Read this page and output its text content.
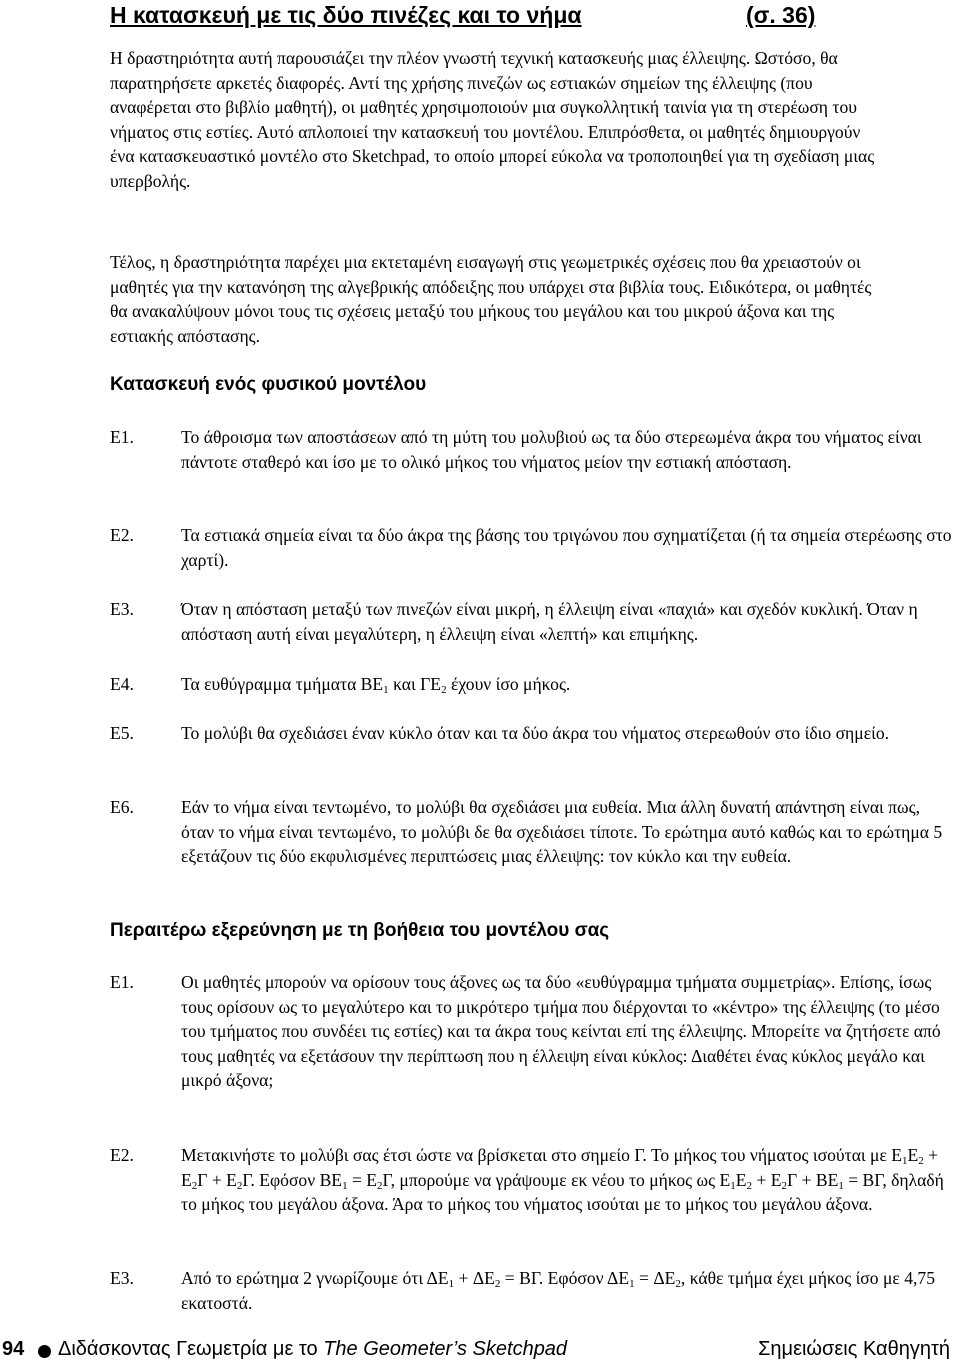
Η κατασκευή με τις δύο πινέζες και το νήμα	(σ. 36)

Η δραστηριότητα αυτή παρουσιάζει την πλέον γνωστή τεχνική κατασκευής μιας έλλειψης. Ωστόσο, θα παρατηρήσετε αρκετές διαφορές. Αντί της χρήσης πινεζών ως εστιακών σημείων της έλλειψης (που αναφέρεται στο βιβλίο μαθητή), οι μαθητές χρησιμοποιούν μια συγκολλητική ταινία για τη στερέωση του νήματος στις εστίες. Αυτό απλοποιεί την κατασκευή του μοντέλου. Επιπρόσθετα, οι μαθητές δημιουργούν ένα κατασκευαστικό μοντέλο στο Sketchpad, το οποίο μπορεί εύκολα να τροποποιηθεί για τη σχεδίαση μιας υπερβολής.

Τέλος, η δραστηριότητα παρέχει μια εκτεταμένη εισαγωγή στις γεωμετρικές σχέσεις που θα χρειαστούν οι μαθητές για την κατανόηση της αλγεβρικής απόδειξης που υπάρχει στα βιβλία τους. Ειδικότερα, οι μαθητές θα ανακαλύψουν μόνοι τους τις σχέσεις μεταξύ του μήκους του μεγάλου και του μικρού άξονα και της εστιακής απόστασης.

Κατασκευή ενός φυσικού μοντέλου
E1.	Το άθροισμα των αποστάσεων από τη μύτη του μολυβιού ως τα δύο στερεωμένα άκρα του νήματος είναι πάντοτε σταθερό και ίσο με το ολικό μήκος του νήματος μείον την εστιακή απόσταση.
E2.	Τα εστιακά σημεία είναι τα δύο άκρα της βάσης του τριγώνου που σχηματίζεται (ή τα σημεία στερέωσης στο χαρτί).
E3.	Όταν η απόσταση μεταξύ των πινεζών είναι μικρή, η έλλειψη είναι «παχιά» και σχεδόν κυκλική. Όταν η απόσταση αυτή είναι μεγαλύτερη, η έλλειψη είναι «λεπτή» και επιμήκης.
E4.	Τα ευθύγραμμα τμήματα $BE_1$ και $\Gamma E_2$ έχουν ίσο μήκος.
E5.	Το μολύβι θα σχεδιάσει έναν κύκλο όταν και τα δύο άκρα του νήματος στερεωθούν στο ίδιο σημείο.
E6.	Εάν το νήμα είναι τεντωμένο, το μολύβι θα σχεδιάσει μια ευθεία. Μια άλλη δυνατή απάντηση είναι πως, όταν το νήμα είναι τεντωμένο, το μολύβι δε θα σχεδιάσει τίποτε. Το ερώτημα αυτό καθώς και το ερώτημα 5 εξετάζουν τις δύο εκφυλισμένες περιπτώσεις μιας έλλειψης: τον κύκλο και την ευθεία.
Περαιτέρω εξερεύνηση με τη βοήθεια του μοντέλου σας
E1.	Οι μαθητές μπορούν να ορίσουν τους άξονες ως τα δύο «ευθύγραμμα τμήματα συμμετρίας». Επίσης, ίσως τους ορίσουν ως το μεγαλύτερο και το μικρότερο τμήμα που διέρχονται το «κέντρο» της έλλειψης (το μέσο του τμήματος που συνδέει τις εστίες) και τα άκρα τους κείνται επί της έλλειψης. Μπορείτε να ζητήσετε από τους μαθητές να εξετάσουν την περίπτωση που η έλλειψη είναι κύκλος: Διαθέτει ένας κύκλος μεγάλο και μικρό άξονα;
E2.	Μετακινήστε το μολύβι σας έτσι ώστε να βρίσκεται στο σημείο Γ. Το μήκος του νήματος ισούται με $E_1E_2 + E_2\Gamma + E_2\Gamma$. Εφόσον $BE_1 = E_2\Gamma$, μπορούμε να γράψουμε εκ νέου το μήκος ως $E_1E_2 + E_2\Gamma + BE_1 = B\Gamma$, δηλαδή το μήκος του μεγάλου άξονα. Άρα το μήκος του νήματος ισούται με το μήκος του μεγάλου άξονα.
E3.	Από το ερώτημα 2 γνωρίζουμε ότι $\Delta E_1 + \Delta E_2 = B\Gamma$. Εφόσον $\Delta E_1 = \Delta E_2$, κάθε τμήμα έχει μήκος ίσο με 4,75 εκατοστά.
94 Διδάσκοντας Γεωμετρία με το The Geometer’s Sketchpad	Σημειώσεις Καθηγητή
